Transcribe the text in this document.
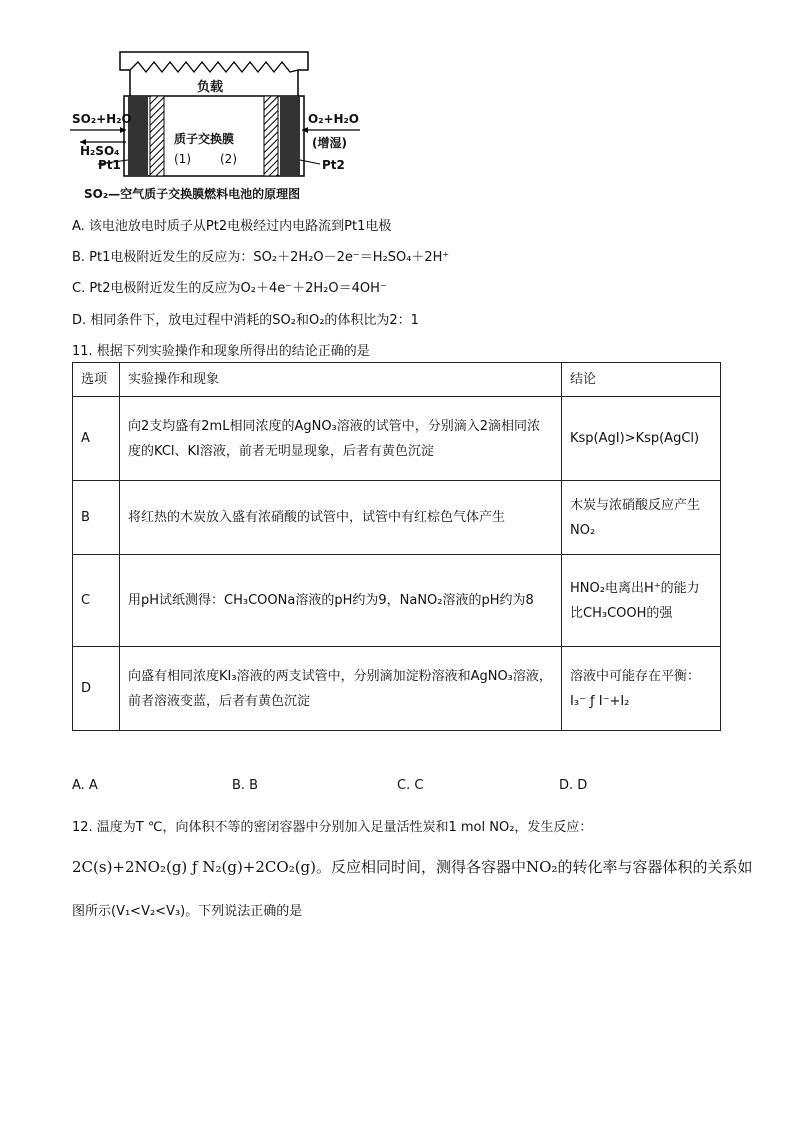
负载
质子交换膜
(1) (2)
SO₂+H₂O
H₂SO₄
Pt1
O₂+H₂O
(增湿)
Pt2
SO₂—空气质子交换膜燃料电池的原理图
A. 该电池放电时质子从Pt2电极经过内电路流到Pt1电极
B. Pt1电极附近发生的反应为：SO₂＋2H₂O－2e⁻＝H₂SO₄＋2H⁺
C. Pt2电极附近发生的反应为O₂＋4e⁻＋2H₂O＝4OH⁻
D. 相同条件下，放电过程中消耗的SO₂和O₂的体积比为2：1
11. 根据下列实验操作和现象所得出的结论正确的是
选项	实验操作和现象	结论
A	向2支均盛有2mL相同浓度的AgNO₃溶液的试管中，分别滴入2滴相同浓度的KCl、KI溶液，前者无明显现象，后者有黄色沉淀	Ksp(AgI)>Ksp(AgCl)
B	将红热的木炭放入盛有浓硝酸的试管中，试管中有红棕色气体产生	木炭与浓硝酸反应产生NO₂
C	用pH试纸测得：CH₃COONa溶液的pH约为9，NaNO₂溶液的pH约为8	HNO₂电离出H⁺的能力比CH₃COOH的强
D	向盛有相同浓度KI₃溶液的两支试管中，分别滴加淀粉溶液和AgNO₃溶液，前者溶液变蓝，后者有黄色沉淀	溶液中可能存在平衡：I₃⁻ ƒ I⁻+I₂
A. A	B. B	C. C	D. D
12. 温度为T ℃，向体积不等的密闭容器中分别加入足量活性炭和1 mol NO₂，发生反应：
2C(s)+2NO₂(g) ƒ N₂(g)+2CO₂(g)。反应相同时间，测得各容器中NO₂的转化率与容器体积的关系如
图所示(V₁<V₂<V₃)。下列说法正确的是
